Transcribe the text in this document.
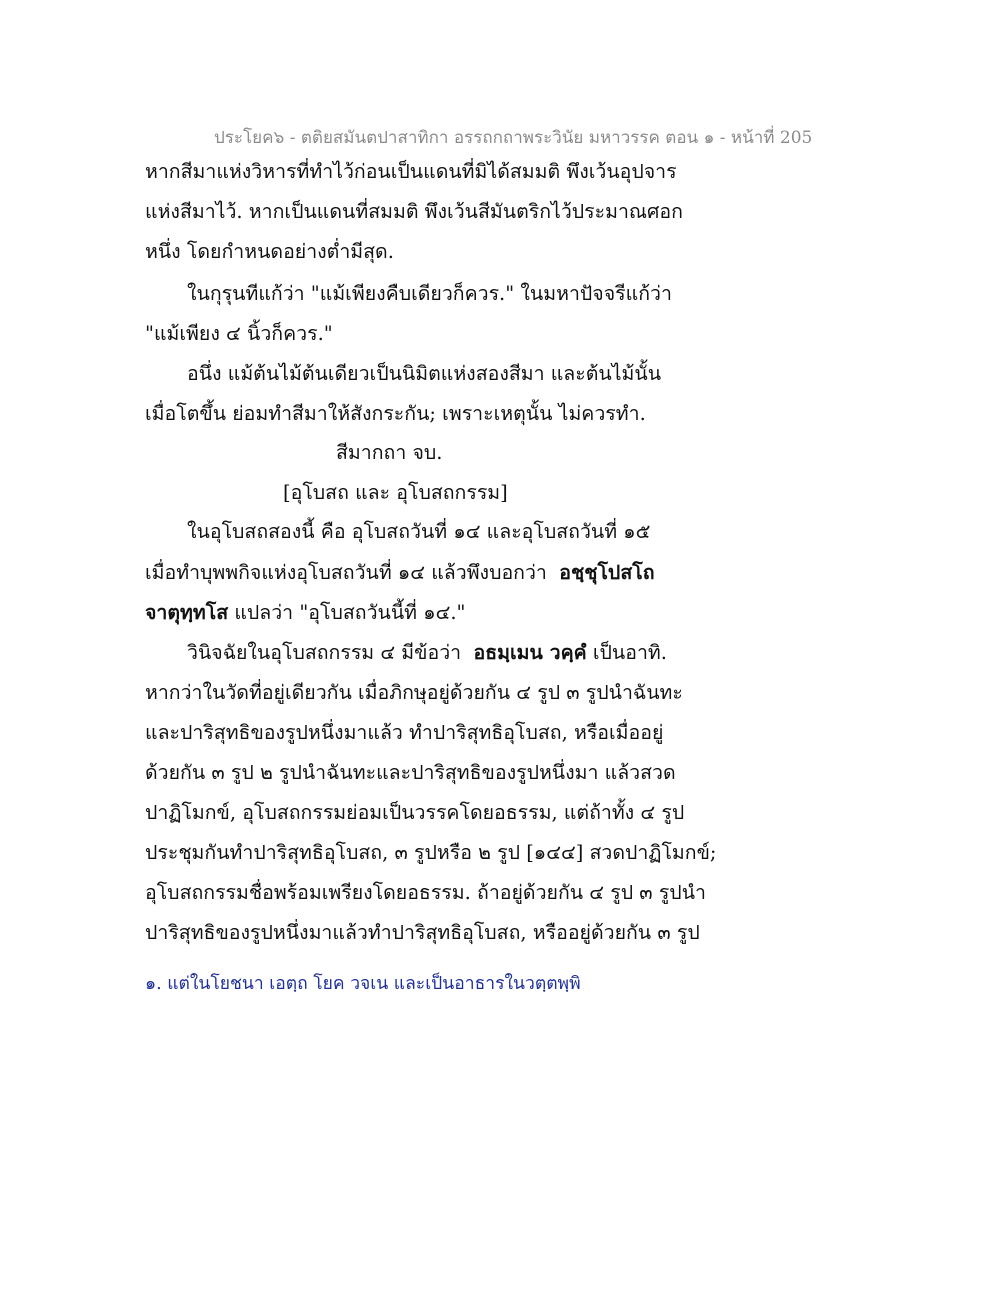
ประโยค๖ - ตติยสมันตปาสาทิกา อรรถกถาพระวินัย มหาวรรค ตอน ๑ - หน้าที่ 205
หากสีมาแห่งวิหารที่ทำไว้ก่อนเป็นแดนที่มิได้สมมติ พึงเว้นอุปจาร
แห่งสีมาไว้. หากเป็นแดนที่สมมติ พึงเว้นสีมันตริกไว้ประมาณศอก
หนึ่ง โดยกำหนดอย่างต่ำมีสุด.
ในกุรุนทีแก้ว่า "แม้เพียงคืบเดียวก็ควร." ในมหาปัจจรีแก้ว่า
"แม้เพียง ๔ นิ้วก็ควร."
อนึ่ง แม้ต้นไม้ต้นเดียวเป็นนิมิตแห่งสองสีมา และต้นไม้นั้น
เมื่อโตขึ้น ย่อมทำสีมาให้สังกระกัน; เพราะเหตุนั้น ไม่ควรทำ.
สีมากถา จบ.
[อุโบสถ และ อุโบสถกรรม]
ในอุโบสถสองนี้ คือ อุโบสถวันที่ ๑๔ และอุโบสถวันที่ ๑๕
เมื่อทำบุพพกิจแห่งอุโบสถวันที่ ๑๔ แล้วพึงบอกว่า อชฺชุโปสโถ
จาตุทฺทโส แปลว่า "อุโบสถวันนี้ที่ ๑๔."
วินิจฉัยในอุโบสถกรรม ๔ มีข้อว่า อธมฺเมน วคฺคํ เป็นอาทิ.
หากว่าในวัดที่อยู่เดียวกัน เมื่อภิกษุอยู่ด้วยกัน ๔ รูป ๓ รูปนำฉันทะ
และปาริสุทธิของรูปหนึ่งมาแล้ว ทำปาริสุทธิอุโบสถ, หรือเมื่ออยู่
ด้วยกัน ๓ รูป ๒ รูปนำฉันทะและปาริสุทธิของรูปหนึ่งมา แล้วสวด
ปาฏิโมกข์, อุโบสถกรรมย่อมเป็นวรรคโดยอธรรม, แต่ถ้าทั้ง ๔ รูป
ประชุมกันทำปาริสุทธิอุโบสถ, ๓ รูปหรือ ๒ รูป [๑๔๔] สวดปาฏิโมกข์;
อุโบสถกรรมชื่อพร้อมเพรียงโดยอธรรม. ถ้าอยู่ด้วยกัน ๔ รูป ๓ รูปนำ
ปาริสุทธิของรูปหนึ่งมาแล้วทำปาริสุทธิอุโบสถ, หรืออยู่ด้วยกัน ๓ รูป
๑. แต่ในโยชนา เอตฺถ โยค วจเน และเป็นอาธารในวตฺตพฺพิ
